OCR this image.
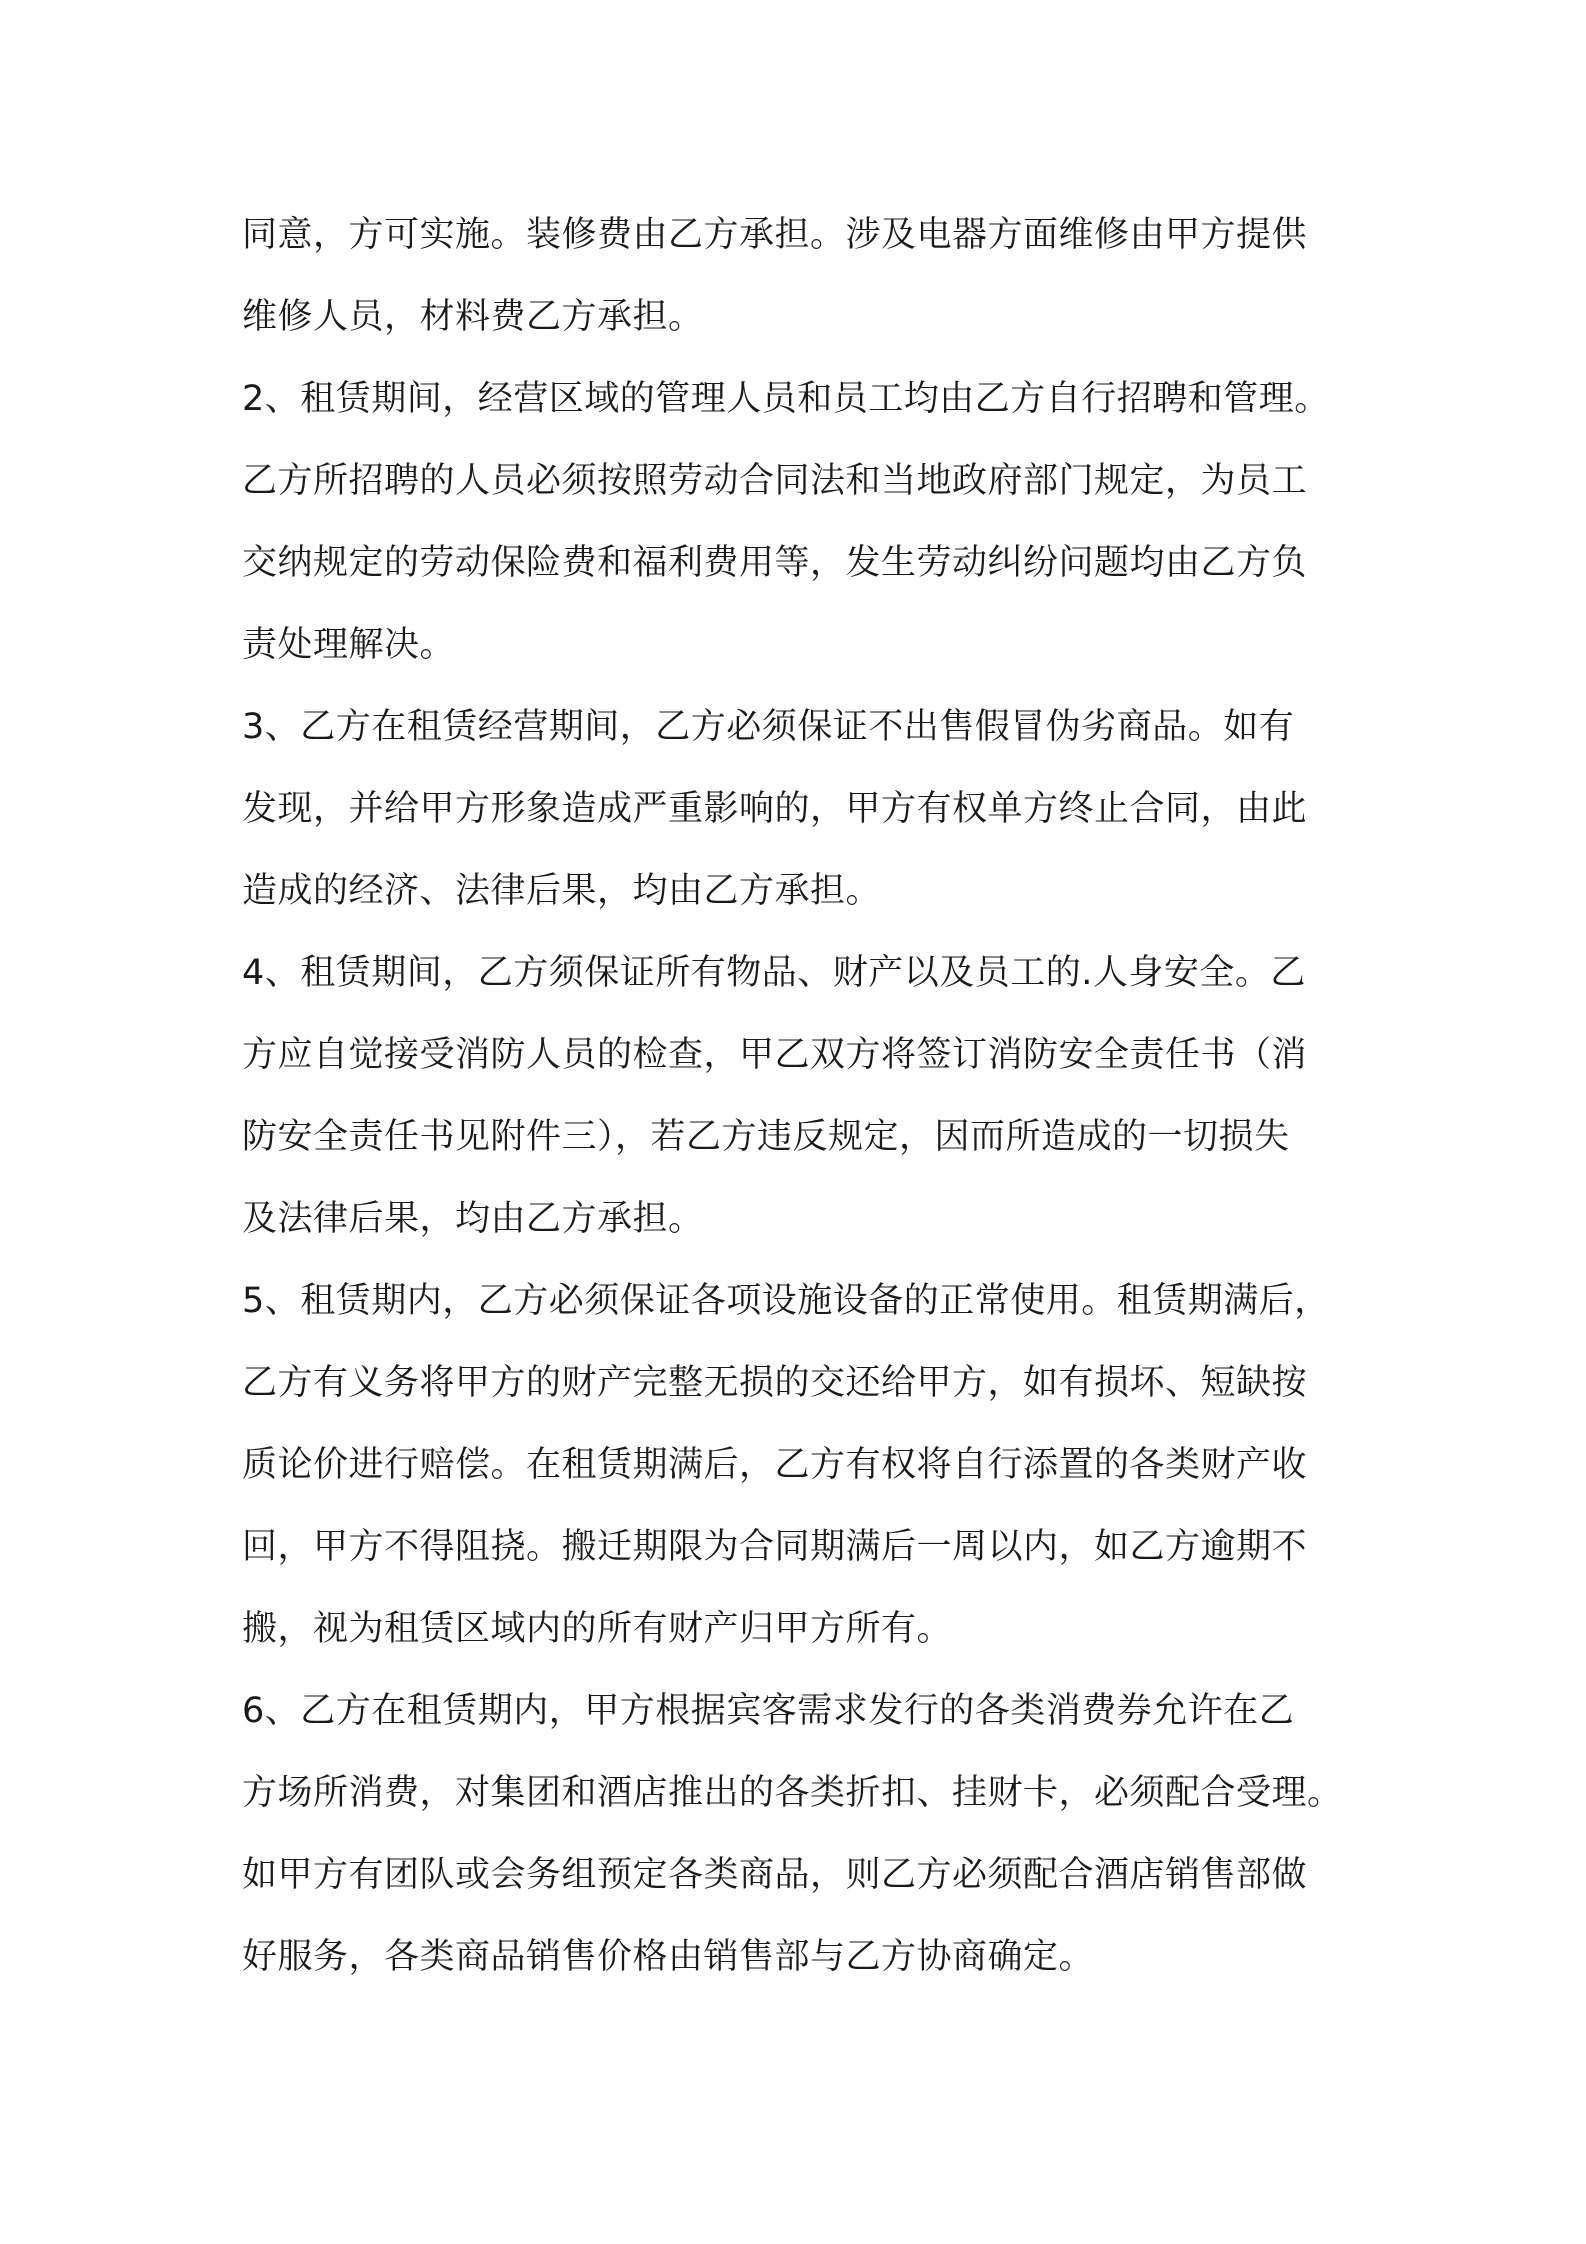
同意，方可实施。装修费由乙方承担。涉及电器方面维修由甲方提供
维修人员，材料费乙方承担。
2、租赁期间，经营区域的管理人员和员工均由乙方自行招聘和管理。
乙方所招聘的人员必须按照劳动合同法和当地政府部门规定，为员工
交纳规定的劳动保险费和福利费用等，发生劳动纠纷问题均由乙方负
责处理解决。
3、乙方在租赁经营期间，乙方必须保证不出售假冒伪劣商品。如有
发现，并给甲方形象造成严重影响的，甲方有权单方终止合同，由此
造成的经济、法律后果，均由乙方承担。
4、租赁期间，乙方须保证所有物品、财产以及员工的.人身安全。乙
方应自觉接受消防人员的检查，甲乙双方将签订消防安全责任书（消
防安全责任书见附件三），若乙方违反规定，因而所造成的一切损失
及法律后果，均由乙方承担。
5、租赁期内，乙方必须保证各项设施设备的正常使用。租赁期满后，
乙方有义务将甲方的财产完整无损的交还给甲方，如有损坏、短缺按
质论价进行赔偿。在租赁期满后，乙方有权将自行添置的各类财产收
回，甲方不得阻挠。搬迁期限为合同期满后一周以内，如乙方逾期不
搬，视为租赁区域内的所有财产归甲方所有。
6、乙方在租赁期内，甲方根据宾客需求发行的各类消费券允许在乙
方场所消费，对集团和酒店推出的各类折扣、挂财卡，必须配合受理。
如甲方有团队或会务组预定各类商品，则乙方必须配合酒店销售部做
好服务，各类商品销售价格由销售部与乙方协商确定。
